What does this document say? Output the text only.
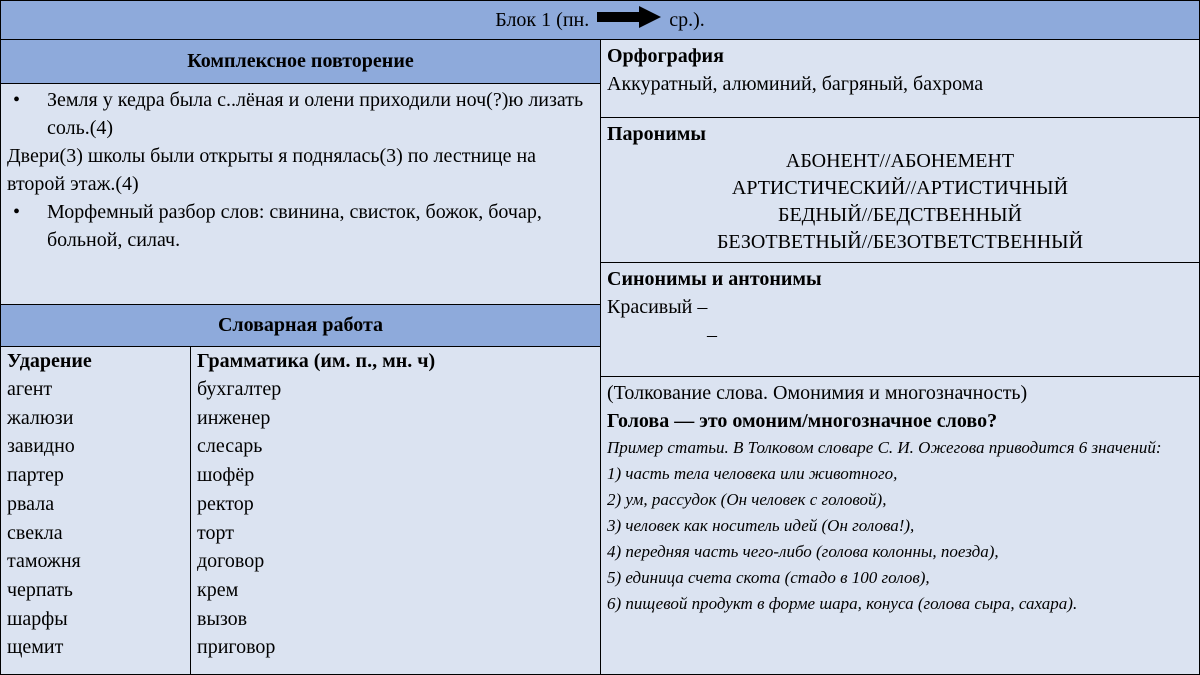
Блок 1 (пн.	ср.).
Комплексное повторение

• Земля у кедра была с..лёная и олени приходили ноч(?)ю лизать соль.(4)

Двери(3) школы были открыты я поднялась(3) по лестнице на второй этаж.(4)

• Морфемный разбор слов: свинина, свисток, божок, бочар, больной, силач.

Словарная работа

Ударение

агент

жалюзи

завидно

партер

рвала

свекла

таможня

черпать

шарфы

щемит

Грамматика (им. п., мн. ч)

бухгалтер

инженер

слесарь

шофёр

ректор

торт

договор

крем

вызов

приговор

Орфография

Аккуратный, алюминий, багряный, бахрома

Паронимы

АБОНЕНТ//АБОНЕМЕНТ

АРТИСТИЧЕСКИЙ//АРТИСТИЧНЫЙ

БЕДНЫЙ//БЕДСТВЕННЫЙ

БЕЗОТВЕТНЫЙ//БЕЗОТВЕТСТВЕННЫЙ

Синонимы и антонимы

Красивый –

–

(Толкование слова. Омонимия и многозначность)

Голова — это омоним/многозначное слово?

Пример статьи. В Толковом словаре С. И. Ожегова приводится 6 значений:

1) часть тела человека или животного,

2) ум, рассудок (Он человек с головой),

3) человек как носитель идей (Он голова!),

4) передняя часть чего-либо (голова колонны, поезда),

5) единица счета скота (стадо в 100 голов),

6) пищевой продукт в форме шара, конуса (голова сыра, сахара).
